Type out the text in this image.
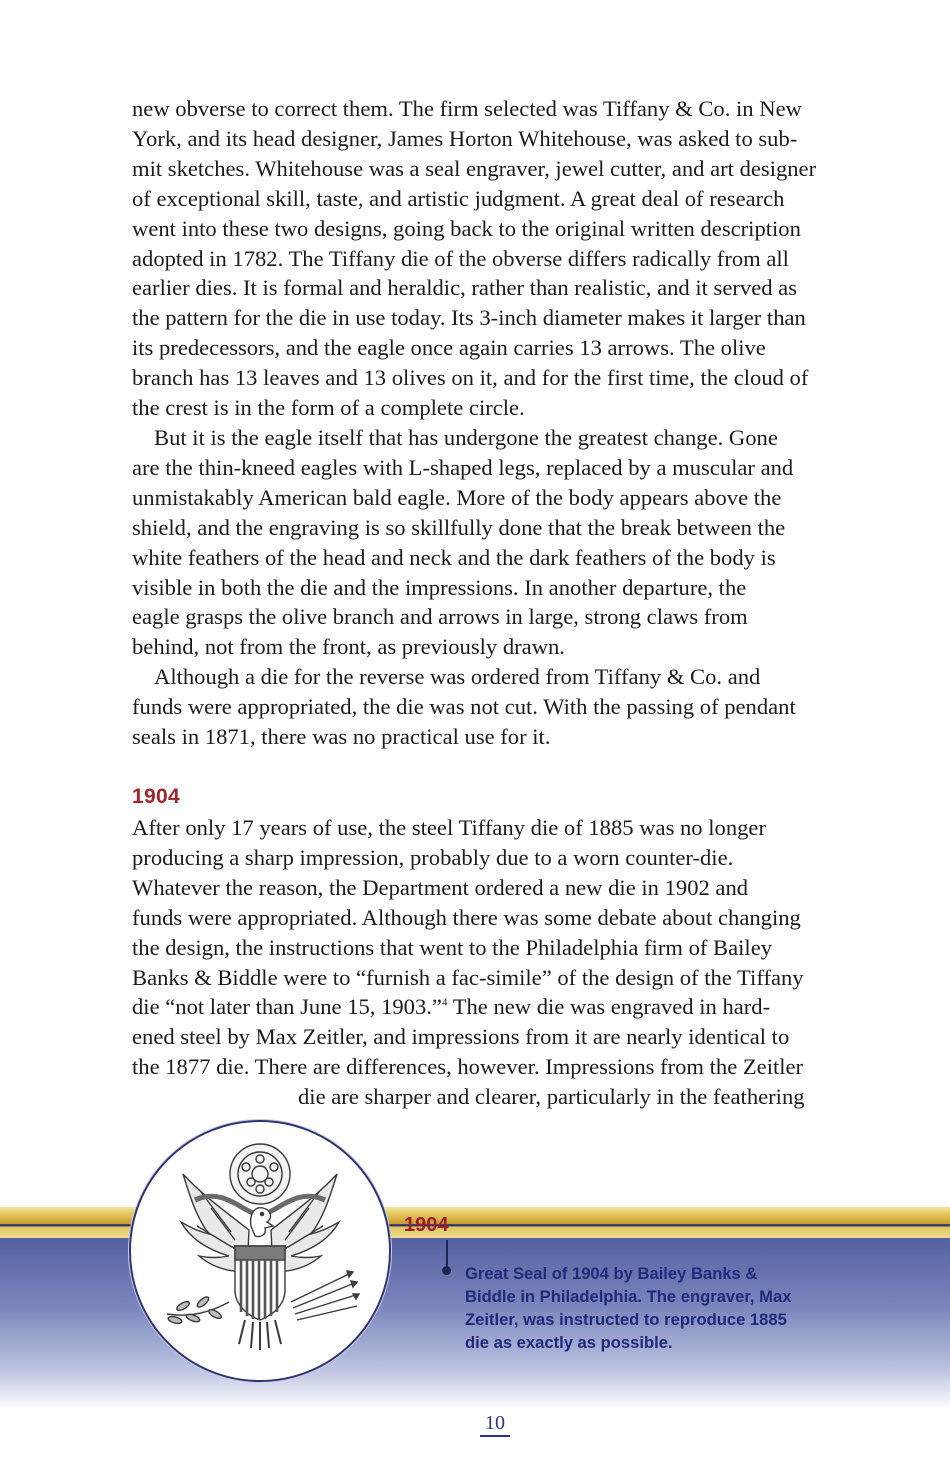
new obverse to correct them. The firm selected was Tiffany & Co. in New
York, and its head designer, James Horton Whitehouse, was asked to sub-
mit sketches. Whitehouse was a seal engraver, jewel cutter, and art designer
of exceptional skill, taste, and artistic judgment. A great deal of research
went into these two designs, going back to the original written description
adopted in 1782. The Tiffany die of the obverse differs radically from all
earlier dies. It is formal and heraldic, rather than realistic, and it served as
the pattern for the die in use today. Its 3-inch diameter makes it larger than
its predecessors, and the eagle once again carries 13 arrows. The olive
branch has 13 leaves and 13 olives on it, and for the first time, the cloud of
the crest is in the form of a complete circle.
But it is the eagle itself that has undergone the greatest change. Gone
are the thin-kneed eagles with L-shaped legs, replaced by a muscular and
unmistakably American bald eagle. More of the body appears above the
shield, and the engraving is so skillfully done that the break between the
white feathers of the head and neck and the dark feathers of the body is
visible in both the die and the impressions. In another departure, the
eagle grasps the olive branch and arrows in large, strong claws from
behind, not from the front, as previously drawn.
Although a die for the reverse was ordered from Tiffany & Co. and
funds were appropriated, the die was not cut. With the passing of pendant
seals in 1871, there was no practical use for it.
1904
After only 17 years of use, the steel Tiffany die of 1885 was no longer
producing a sharp impression, probably due to a worn counter-die.
Whatever the reason, the Department ordered a new die in 1902 and
funds were appropriated. Although there was some debate about changing
the design, the instructions that went to the Philadelphia firm of Bailey
Banks & Biddle were to “furnish a fac-simile” of the design of the Tiffany
die “not later than June 15, 1903.”$^4$ The new die was engraved in hard-
ened steel by Max Zeitler, and impressions from it are nearly identical to
the 1877 die. There are differences, however. Impressions from the Zeitler
die are sharper and clearer, particularly in the feathering
1904
Great Seal of 1904 by Bailey Banks &
Biddle in Philadelphia. The engraver, Max
Zeitler, was instructed to reproduce 1885
die as exactly as possible.
10
